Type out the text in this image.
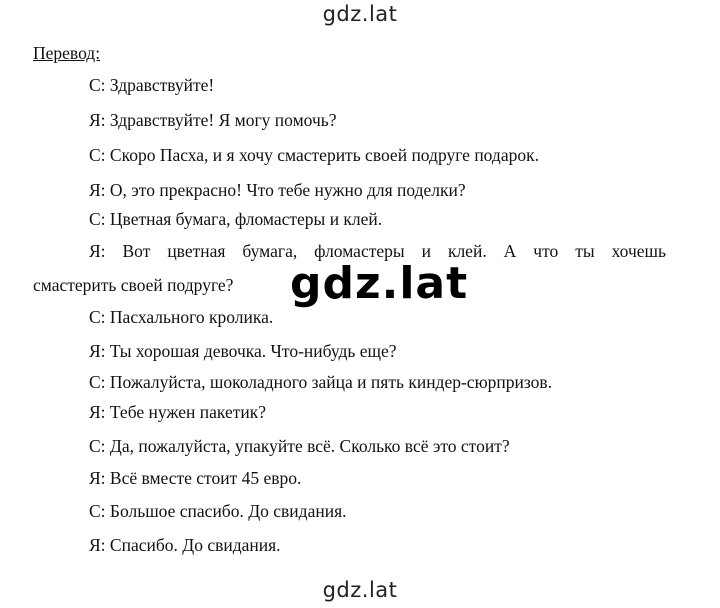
gdz.lat
Перевод:
С: Здравствуйте!
Я: Здравствуйте! Я могу помочь?
С: Скоро Пасха, и я хочу смастерить своей подруге подарок.
Я: О, это прекрасно! Что тебе нужно для поделки?
С: Цветная бумага, фломастеры и клей.
Я: Вот цветная бумага, фломастеры и клей. А что ты хочешь
смастерить своей подруге?
С: Пасхального кролика.
Я: Ты хорошая девочка. Что-нибудь еще?
С: Пожалуйста, шоколадного зайца и пять киндер-сюрпризов.
Я: Тебе нужен пакетик?
С: Да, пожалуйста, упакуйте всё. Сколько всё это стоит?
Я: Всё вместе стоит 45 евро.
С: Большое спасибо. До свидания.
Я: Спасибо. До свидания.
gdz.lat
gdz.lat
